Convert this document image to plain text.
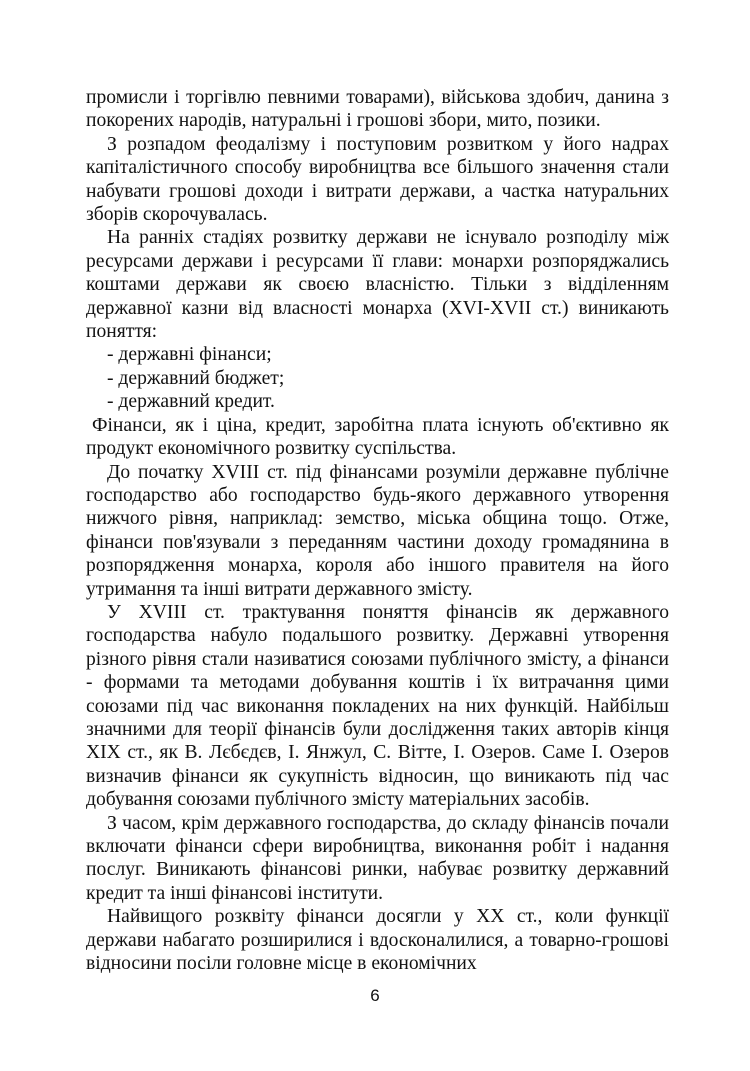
промисли і торгівлю певними товарами), військова здобич, данина з покорених народів, натуральні і грошові збори, мито, позики.

З розпадом феодалізму і поступовим розвитком у його надрах капіталістичного способу виробництва все більшого значення стали набувати грошові доходи і витрати держави, а частка натуральних зборів скорочувалась.

На ранніх стадіях розвитку держави не існувало розподілу між ресурсами держави і ресурсами її глави: монархи розпоряджались коштами держави як своєю власністю. Тільки з відділенням державної казни від власності монарха (XVI-XVII ст.) виникають поняття:

- державні фінанси;

- державний бюджет;

- державний кредит.

Фінанси, як і ціна, кредит, заробітна плата існують об'єктивно як продукт економічного розвитку суспільства.

До початку XVIII ст. під фінансами розуміли державне публічне господарство або господарство будь-якого державного утворення нижчого рівня, наприклад: земство, міська община тощо. Отже, фінанси пов'язували з переданням частини доходу громадянина в розпорядження монарха, короля або іншого правителя на його утримання та інші витрати державного змісту.

У XVIII ст. трактування поняття фінансів як державного господарства набуло подальшого розвитку. Державні утворення різного рівня стали називатися союзами публічного змісту, а фінанси - формами та методами добування коштів і їх витрачання цими союзами під час виконання покладених на них функцій. Найбільш значними для теорії фінансів були дослідження таких авторів кінця XIX ст., як В. Лєбєдєв, І. Янжул, С. Вітте, І. Озеров. Саме І. Озеров визначив фінанси як сукупність відносин, що виникають під час добування союзами публічного змісту матеріальних засобів.

З часом, крім державного господарства, до складу фінансів почали включати фінанси сфери виробництва, виконання робіт і надання послуг. Виникають фінансові ринки, набуває розвитку державний кредит та інші фінансові інститути.

Найвищого розквіту фінанси досягли у XX ст., коли функції держави набагато розширилися і вдосконалилися, а товарно-грошові відносини посіли головне місце в економічних

6
